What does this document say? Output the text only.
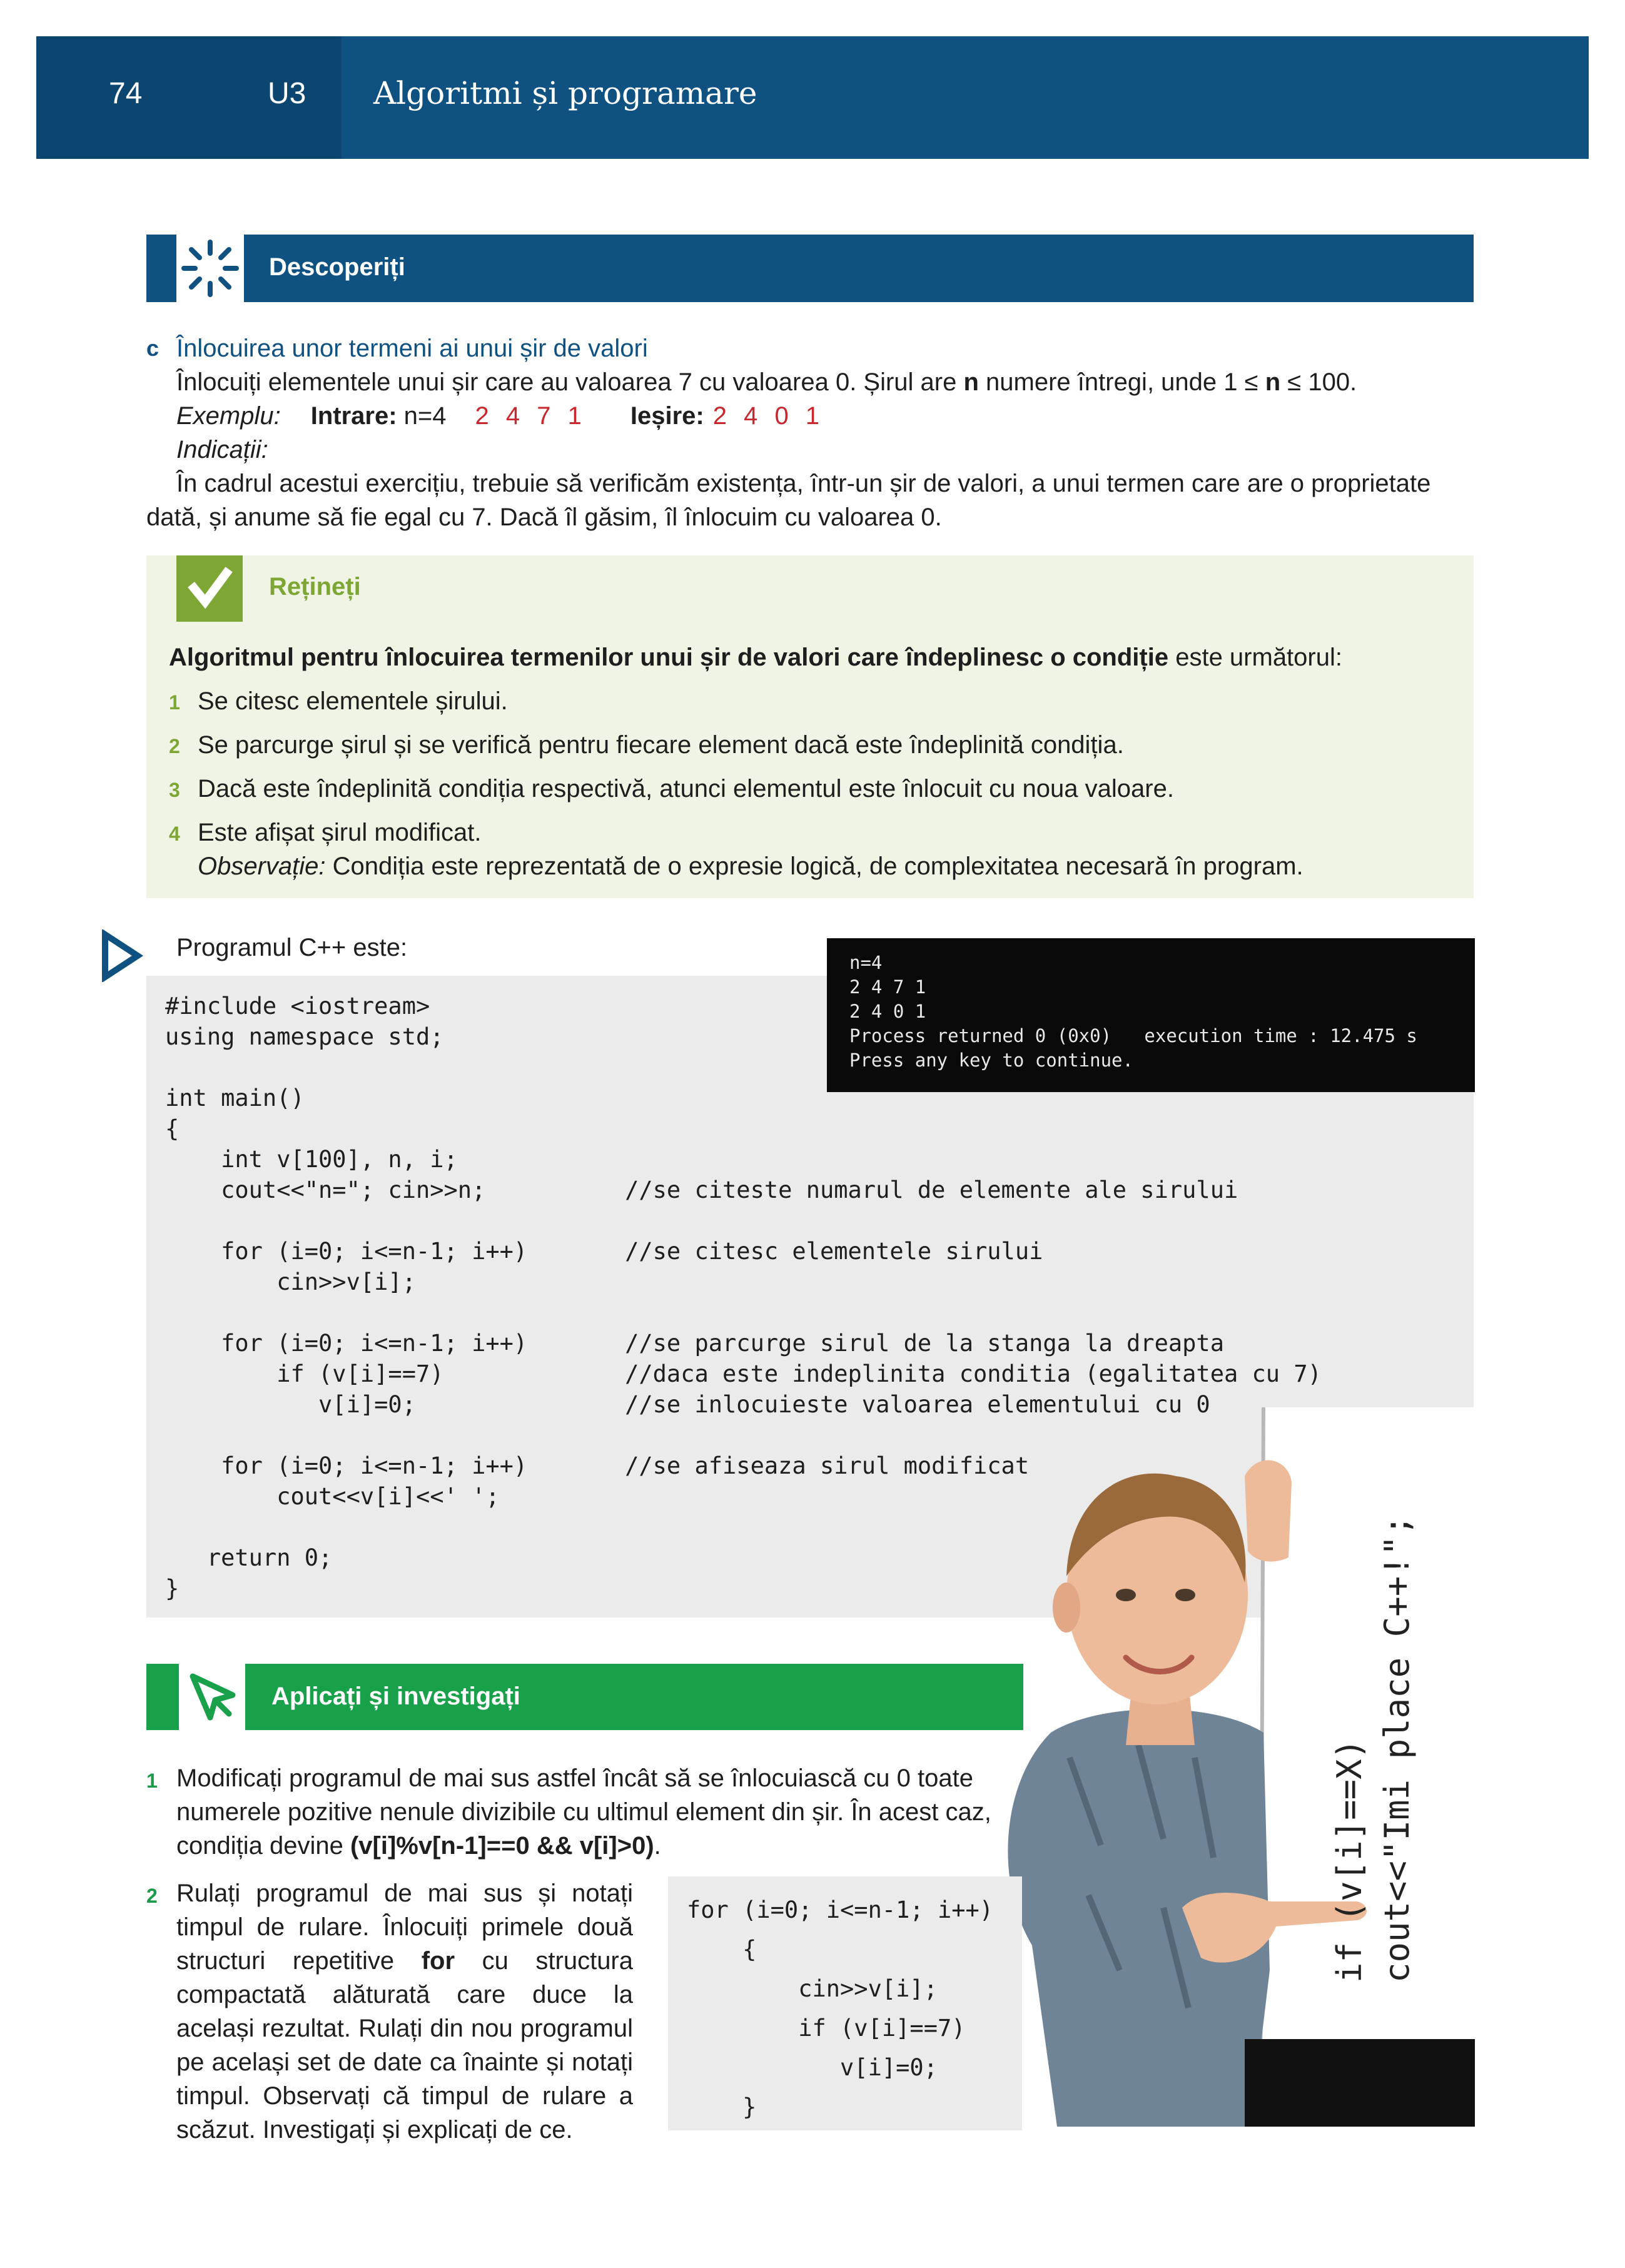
74	U3 Algoritmi și programare
Descoperiți
c Înlocuirea unor termeni ai unui șir de valori
Înlocuiți elementele unui șir care au valoarea 7 cu valoarea 0. Șirul are n numere întregi, unde 1 ≤ n ≤ 100.
Exemplu: Intrare: n=4 2 4 7 1 Ieșire: 2 4 0 1
Indicații:
În cadrul acestui exercițiu, trebuie să verificăm existența, într-un șir de valori, a unui termen care are o proprietate dată, și anume să fie egal cu 7. Dacă îl găsim, îl înlocuim cu valoarea 0.
Rețineți
Algoritmul pentru înlocuirea termenilor unui șir de valori care îndeplinesc o condiție este următorul:
1 Se citesc elementele șirului.
2 Se parcurge șirul și se verifică pentru fiecare element dacă este îndeplinită condiția.
3 Dacă este îndeplinită condiția respectivă, atunci elementul este înlocuit cu noua valoare.
4 Este afișat șirul modificat.
Observație: Condiția este reprezentată de o expresie logică, de complexitatea necesară în program.
Programul C++ este:
#include <iostream>
using namespace std;

int main()
{
int v[100], n, i;
cout<<"n="; cin>>n;          //se citeste numarul de elemente ale sirului

for (i=0; i<=n-1; i++)       //se citesc elementele sirului
cin>>v[i];

for (i=0; i<=n-1; i++)       //se parcurge sirul de la stanga la dreapta
if (v[i]==7)             //daca este indeplinita conditia (egalitatea cu 7)
v[i]=0;               //se inlocuieste valoarea elementului cu 0

for (i=0; i<=n-1; i++)       //se afiseaza sirul modificat
cout<<v[i]<<' ';

return 0;
}
n=4
2 4 7 1
2 4 0 1
Process returned 0 (0x0)   execution time : 12.475 s
Press any key to continue.
if (v[i]==X) cout<<"Imi place C++!";
Aplicați și investigați
1 Modificați programul de mai sus astfel încât să se înlocuiască cu 0 toate numerele pozitive nenule divizibile cu ultimul element din șir. În acest caz, condiția devine (v[i]%v[n-1]==0 && v[i]>0).
2 Rulați programul de mai sus și notați timpul de rulare. Înlocuiți primele două structuri repetitive for cu structura compactată alăturată care duce la același rezultat. Rulați din nou programul pe același set de date ca înainte și notați timpul. Observați că timpul de rulare a scăzut. Investigați și explicați de ce.
for (i=0; i<=n-1; i++)
{
cin>>v[i];
if (v[i]==7)
v[i]=0;
}
